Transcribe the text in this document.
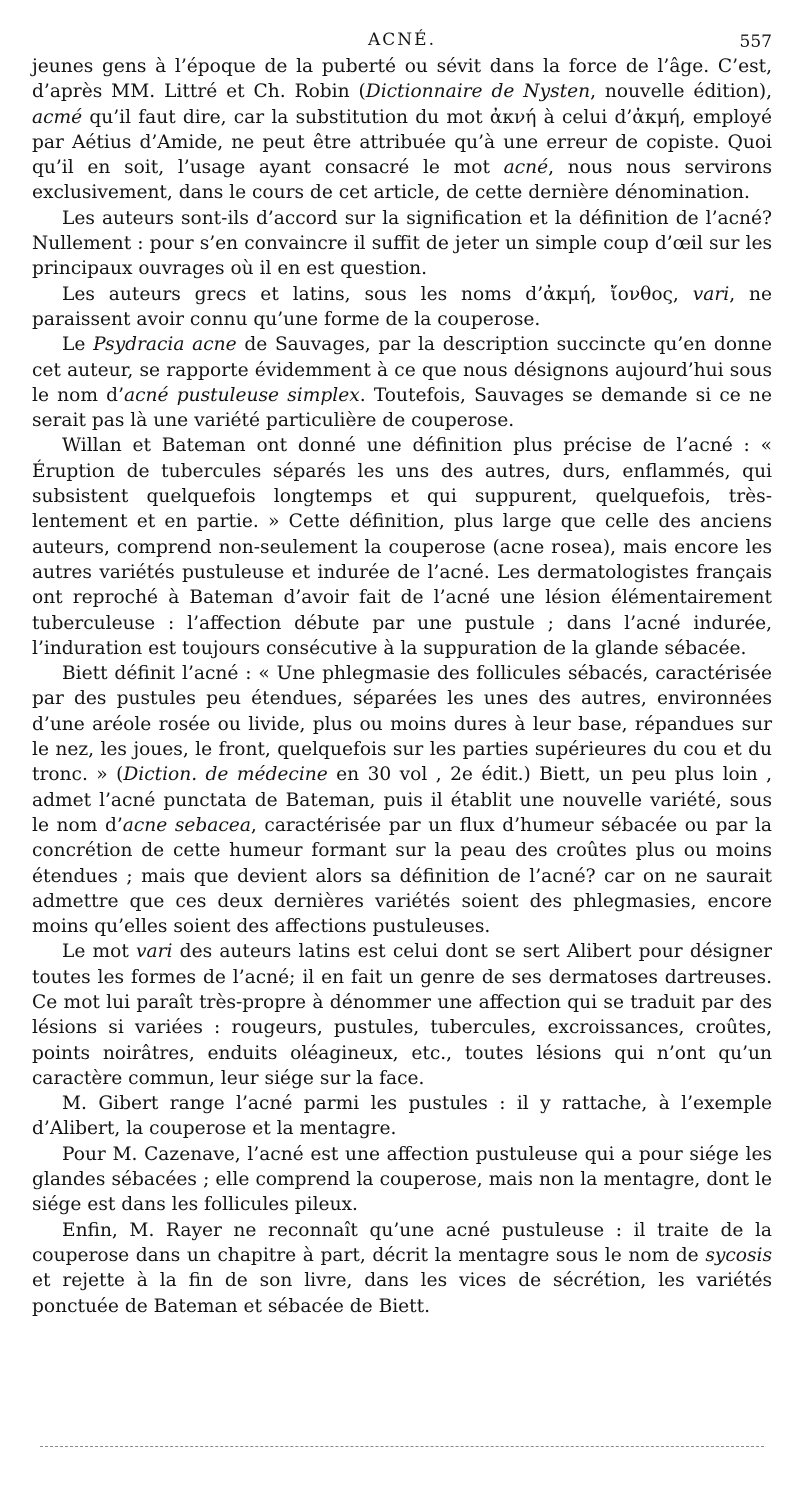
ACNÉ.	557

jeunes gens à l’époque de la puberté ou sévit dans la force de l’âge. C’est, d’après MM. Littré et Ch. Robin (Dictionnaire de Nysten, nouvelle édition), acmé qu’il faut dire, car la substitution du mot ἀκνή à celui d’ἀκμή, employé par Aétius d’Amide, ne peut être attribuée qu’à une erreur de copiste. Quoi qu’il en soit, l’usage ayant consacré le mot acné, nous nous servirons exclusivement, dans le cours de cet article, de cette dernière dénomination.

Les auteurs sont-ils d’accord sur la signification et la définition de l’acné? Nullement : pour s’en convaincre il suffit de jeter un simple coup d’œil sur les principaux ouvrages où il en est question.

Les auteurs grecs et latins, sous les noms d’ἀκμή, ἴονθος, vari, ne paraissent avoir connu qu’une forme de la couperose.

Le Psydracia acne de Sauvages, par la description succincte qu’en donne cet auteur, se rapporte évidemment à ce que nous désignons aujourd’hui sous le nom d’acné pustuleuse simplex. Toutefois, Sauvages se demande si ce ne serait pas là une variété particulière de couperose.

Willan et Bateman ont donné une définition plus précise de l’acné : « Éruption de tubercules séparés les uns des autres, durs, enflammés, qui subsistent quelquefois longtemps et qui suppurent, quelquefois, très-lentement et en partie. » Cette définition, plus large que celle des anciens auteurs, comprend non-seulement la couperose (acne rosea), mais encore les autres variétés pustuleuse et indurée de l’acné. Les dermatologistes français ont reproché à Bateman d’avoir fait de l’acné une lésion élémentairement tuberculeuse : l’affection débute par une pustule ; dans l’acné indurée, l’induration est toujours consécutive à la suppuration de la glande sébacée.

Biett définit l’acné : « Une phlegmasie des follicules sébacés, caractérisée par des pustules peu étendues, séparées les unes des autres, environnées d’une aréole rosée ou livide, plus ou moins dures à leur base, répandues sur le nez, les joues, le front, quelquefois sur les parties supérieures du cou et du tronc. » (Diction. de médecine en 30 vol , 2e édit.) Biett, un peu plus loin , admet l’acné punctata de Bateman, puis il établit une nouvelle variété, sous le nom d’acne sebacea, caractérisée par un flux d’humeur sébacée ou par la concrétion de cette humeur formant sur la peau des croûtes plus ou moins étendues ; mais que devient alors sa définition de l’acné? car on ne saurait admettre que ces deux dernières variétés soient des phlegmasies, encore moins qu’elles soient des affections pustuleuses.

Le mot vari des auteurs latins est celui dont se sert Alibert pour désigner toutes les formes de l’acné; il en fait un genre de ses dermatoses dartreuses. Ce mot lui paraît très-propre à dénommer une affection qui se traduit par des lésions si variées : rougeurs, pustules, tubercules, excroissances, croûtes, points noirâtres, enduits oléagineux, etc., toutes lésions qui n’ont qu’un caractère commun, leur siége sur la face.

M. Gibert range l’acné parmi les pustules : il y rattache, à l’exemple d’Alibert, la couperose et la mentagre.

Pour M. Cazenave, l’acné est une affection pustuleuse qui a pour siége les glandes sébacées ; elle comprend la couperose, mais non la mentagre, dont le siége est dans les follicules pileux.

Enfin, M. Rayer ne reconnaît qu’une acné pustuleuse : il traite de la couperose dans un chapitre à part, décrit la mentagre sous le nom de sycosis et rejette à la fin de son livre, dans les vices de sécrétion, les variétés ponctuée de Bateman et sébacée de Biett.
